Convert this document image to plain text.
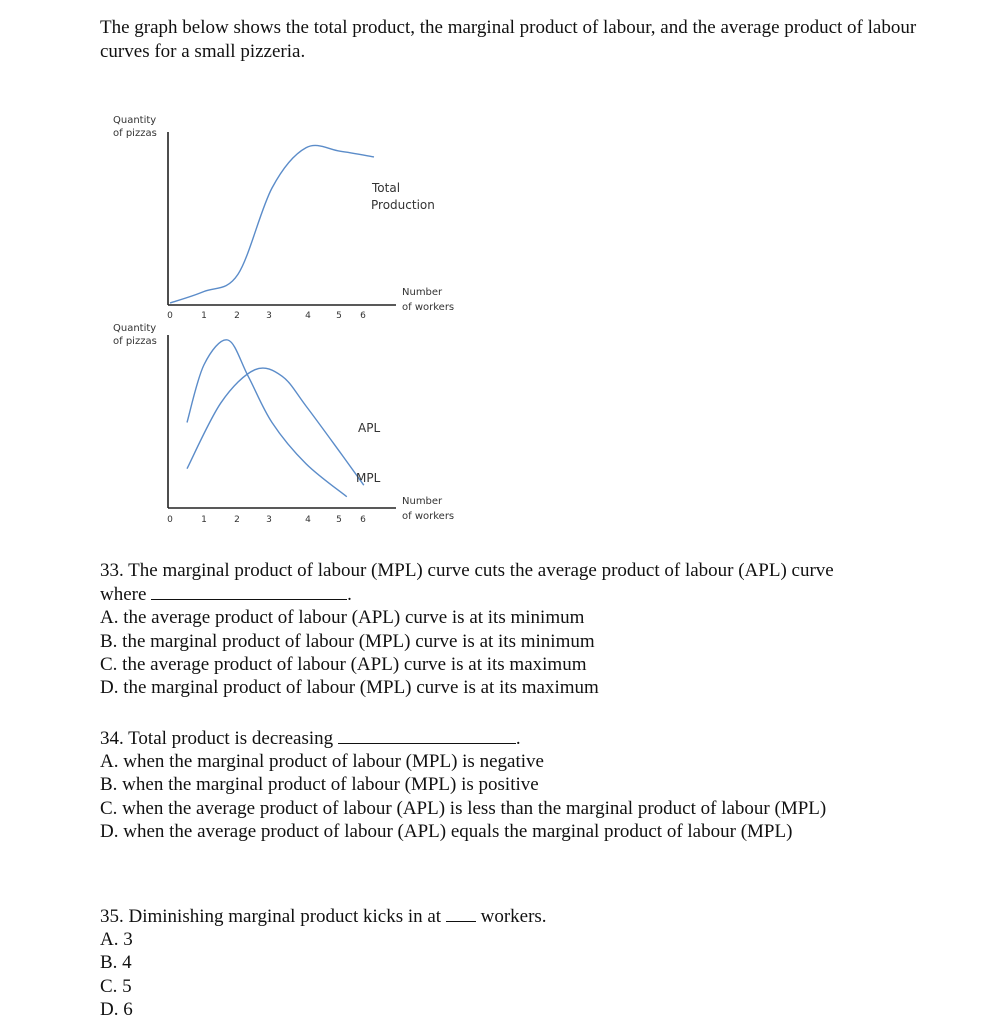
The graph below shows the total product, the marginal product of labour, and the average product of labour curves for a small pizzeria.

Quantity
of pizzas
0	1	2	3	4	5 6
Total
Production
Number
of workers
Quantity
of pizzas
0	1	2	3	4	5 6
APL
MPL
Number
of workers

33. The marginal product of labour (MPL) curve cuts the average product of labour (APL) curve

where	.

A. the average product of labour (APL) curve is at its minimum

B. the marginal product of labour (MPL) curve is at its minimum

C. the average product of labour (APL) curve is at its maximum

D. the marginal product of labour (MPL) curve is at its maximum

34. Total product is decreasing	.

A. when the marginal product of labour (MPL) is negative

B. when the marginal product of labour (MPL) is positive

C. when the average product of labour (APL) is less than the marginal product of labour (MPL)

D. when the average product of labour (APL) equals the marginal product of labour (MPL)

35. Diminishing marginal product kicks in at workers.

A. 3

B. 4

C. 5

D. 6
